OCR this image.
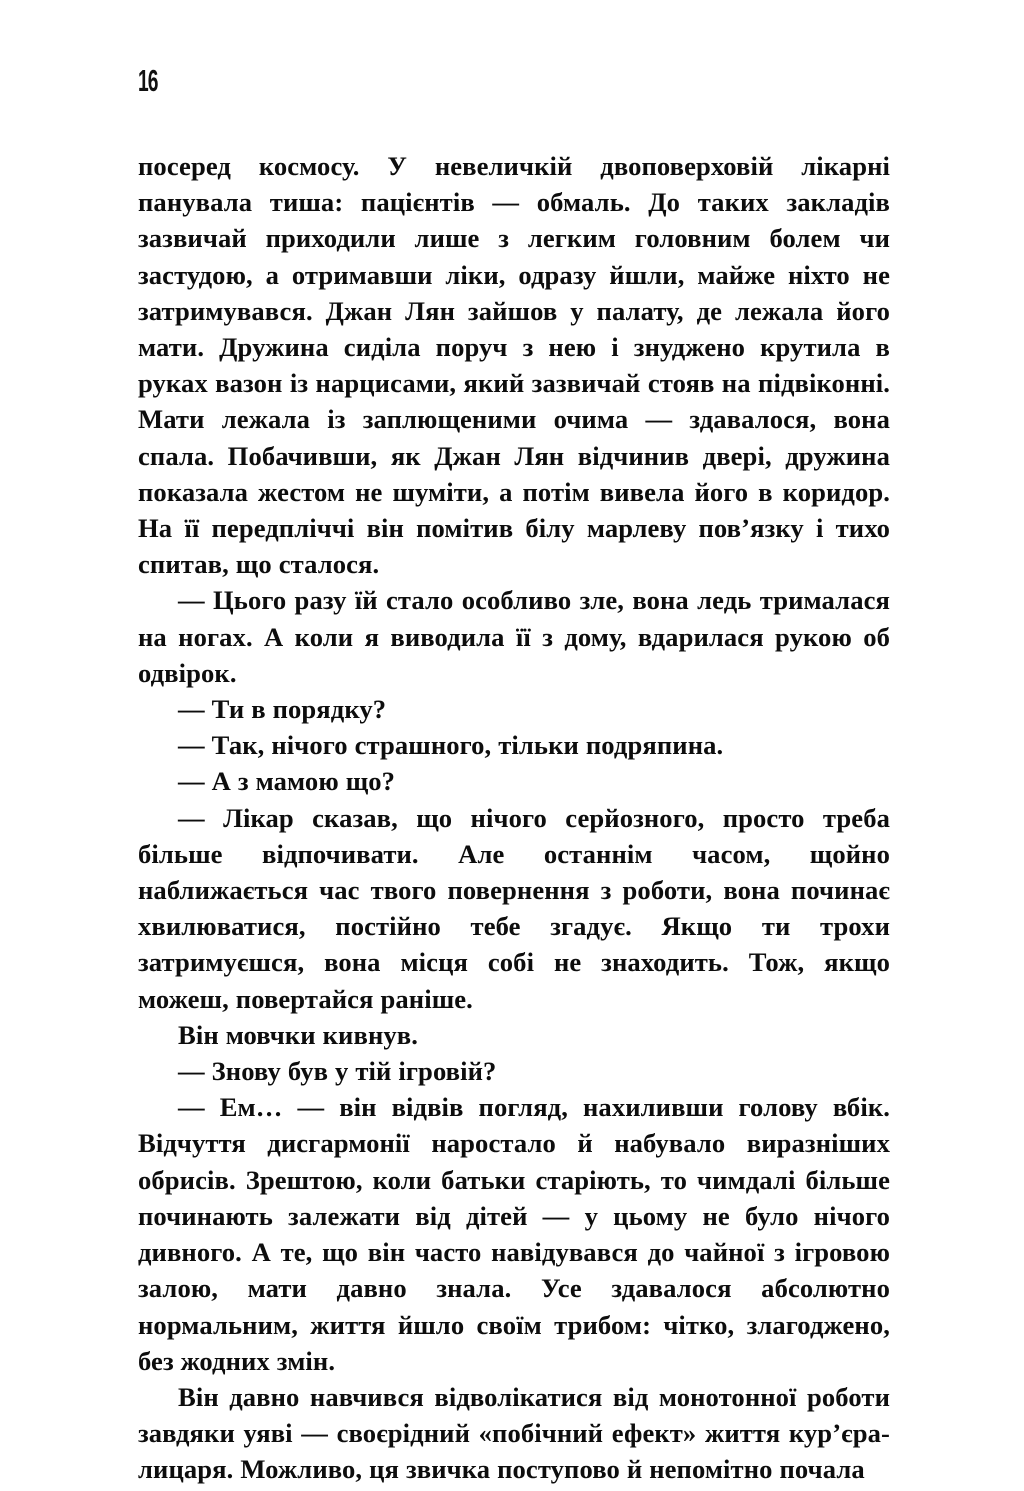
16

посеред космосу. У невеличкій двоповерховій лікарні панувала тиша: пацієнтів — обмаль. До таких закладів зазвичай приходили лише з легким головним болем чи застудою, а отримавши ліки, одразу йшли, майже ніхто не затримувався. Джан Лян зайшов у палату, де лежала його мати. Дружина сиділа поруч з нею і знуджено крутила в руках вазон із нарцисами, який зазвичай стояв на підвіконні. Мати лежала із заплющеними очима — здавалося, вона спала. Побачивши, як Джан Лян відчинив двері, дружина показала жестом не шуміти, а потім вивела його в коридор. На її передпліччі він помітив білу марлеву пов’язку і тихо спитав, що сталося.

— Цього разу їй стало особливо зле, вона ледь трималася на ногах. А коли я виводила її з дому, вдарилася рукою об одвірок.

— Ти в порядку?

— Так, нічого страшного, тільки подряпина.

— А з мамою що?

— Лікар сказав, що нічого серйозного, просто треба більше відпочивати. Але останнім часом, щойно наближається час твого повернення з роботи, вона починає хвилюватися, постійно тебе згадує. Якщо ти трохи затримуєшся, вона місця собі не знаходить. Тож, якщо можеш, повертайся раніше.

Він мовчки кивнув.

— Знову був у тій ігровій?

— Ем… — він відвів погляд, нахиливши голову вбік. Відчуття дисгармонії наростало й набувало виразніших обрисів. Зрештою, коли батьки старіють, то чимдалі більше починають залежати від дітей — у цьому не було нічого дивного. А те, що він часто навідувався до чайної з ігровою залою, мати давно знала. Усе здавалося абсолютно нормальним, життя йшло своїм трибом: чітко, злагоджено, без жодних змін.

Він давно навчився відволікатися від монотонної роботи завдяки уяві — своєрідний «побічний ефект» життя кур’єра-лицаря. Можливо, ця звичка поступово й непомітно почала
